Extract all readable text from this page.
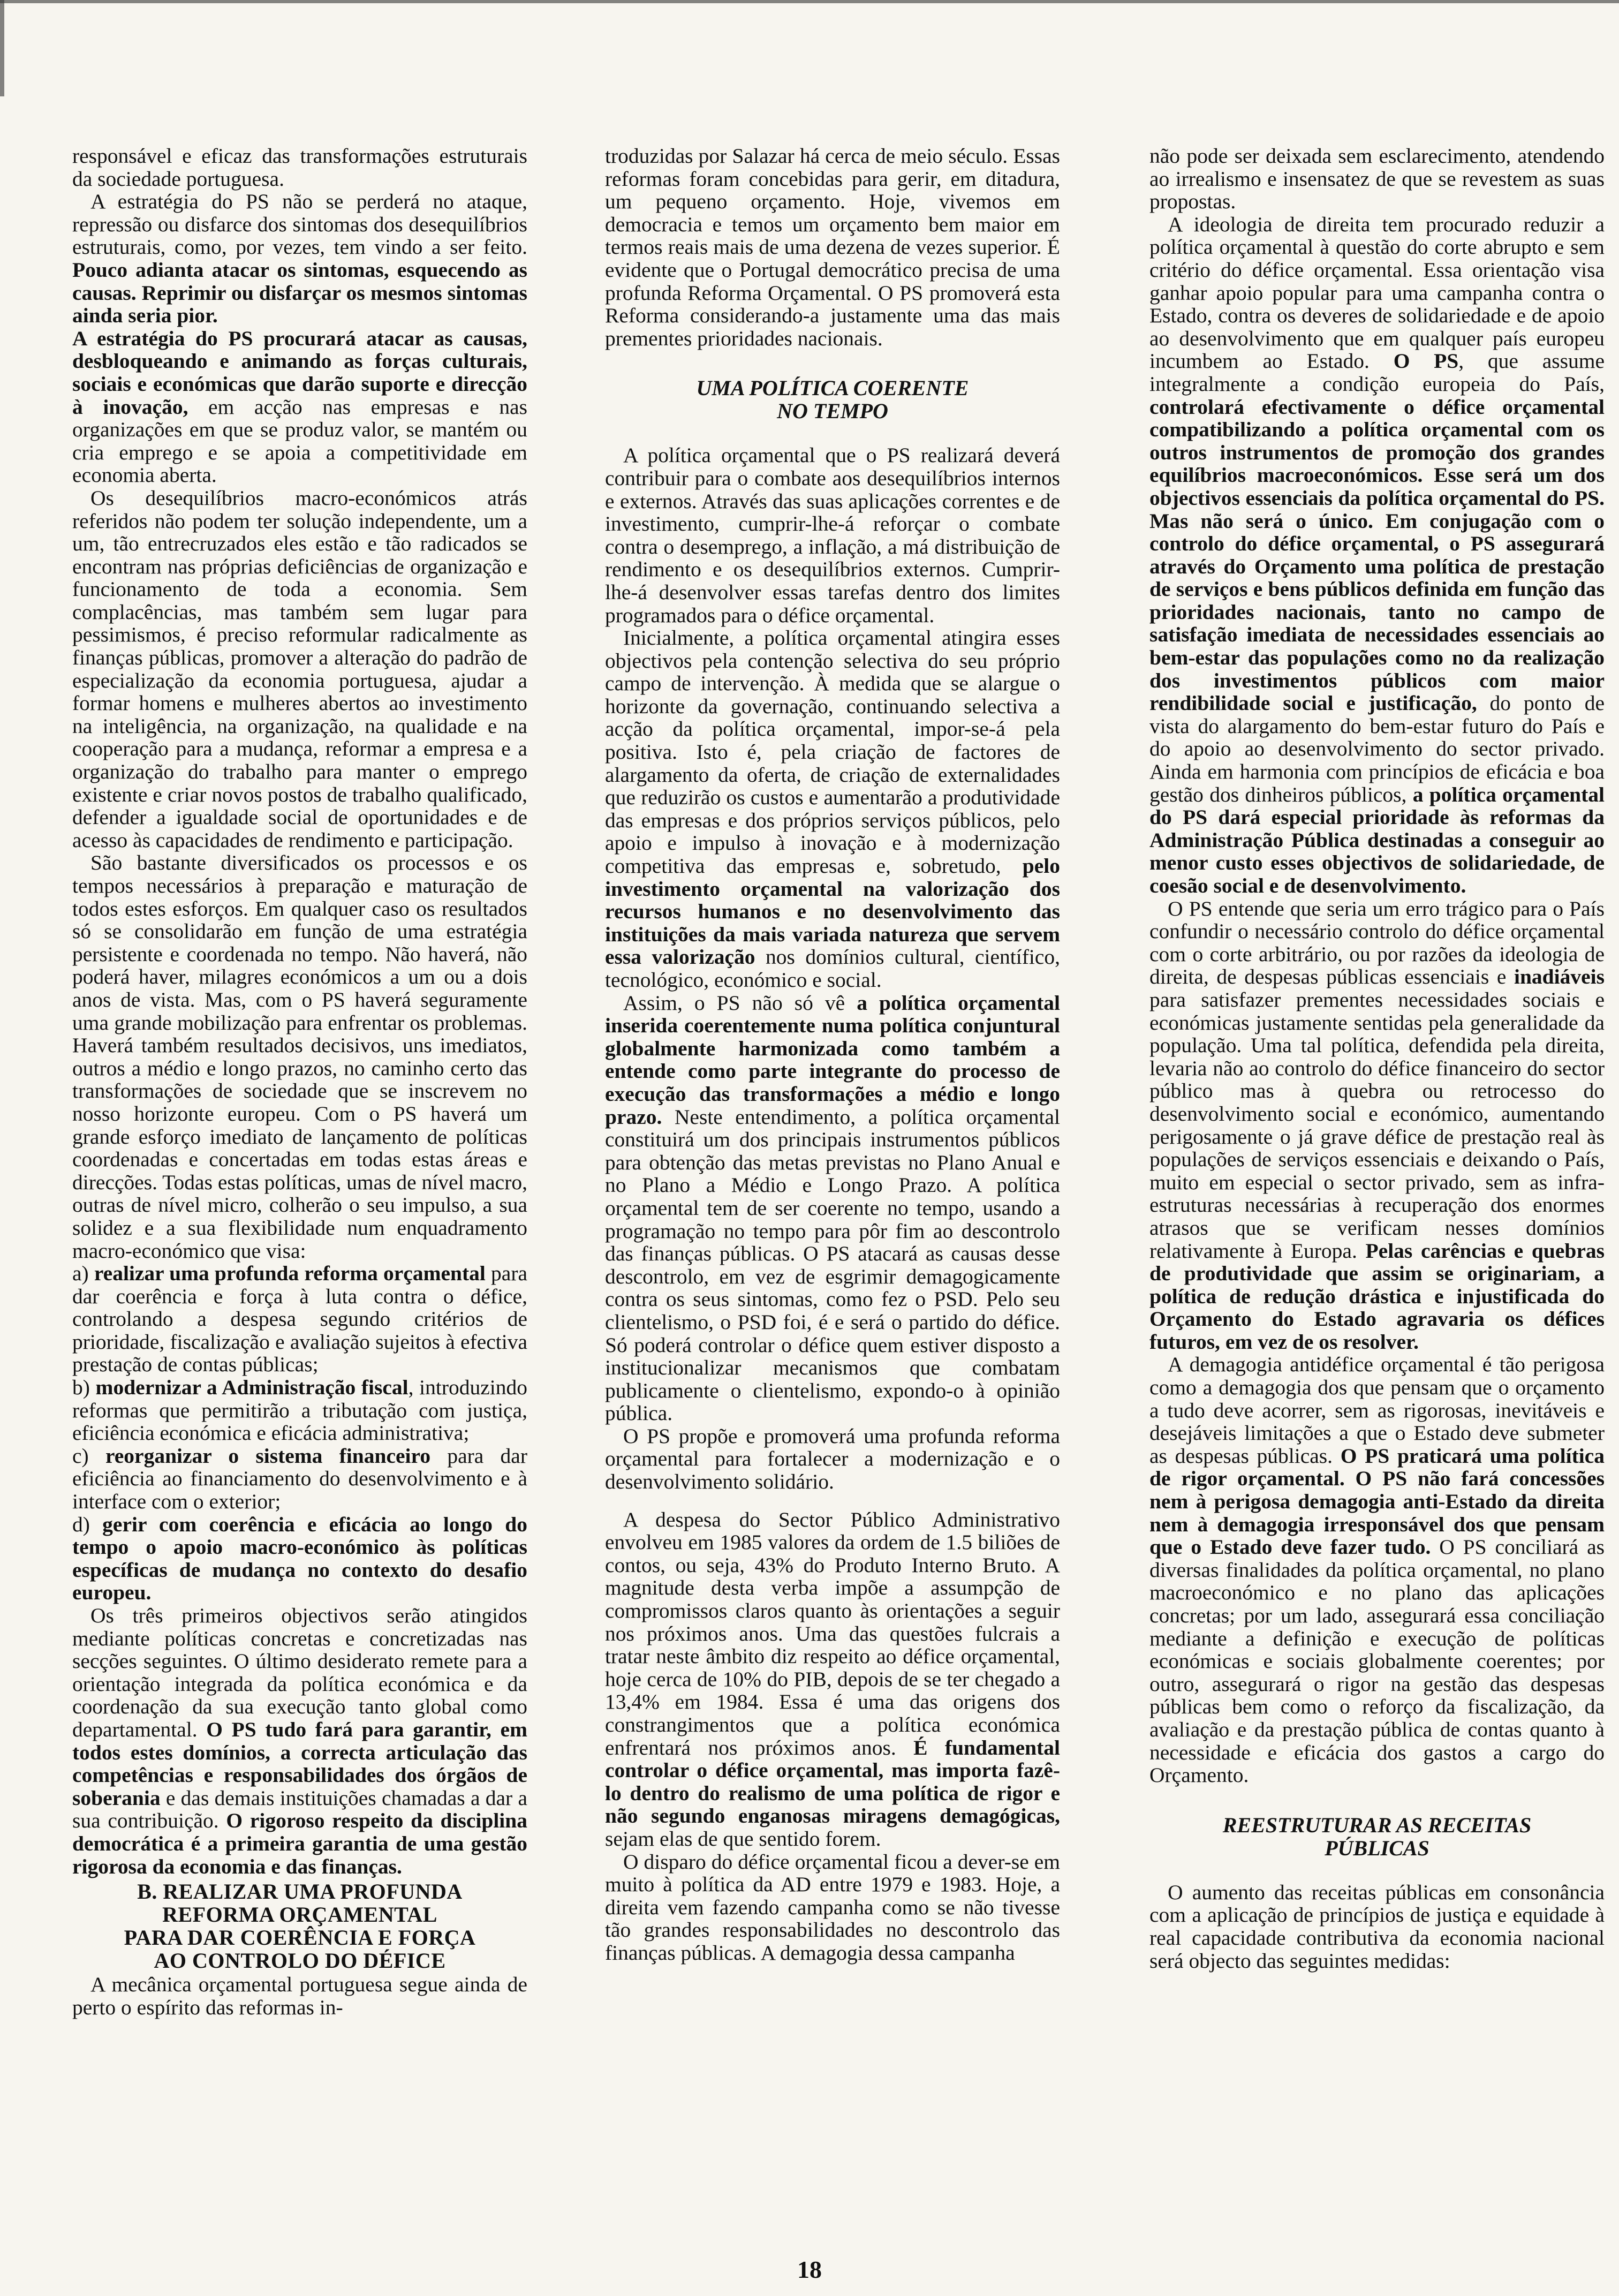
responsável e eficaz das transformações estruturais da sociedade portuguesa.

A estratégia do PS não se perderá no ataque, repressão ou disfarce dos sintomas dos desequilíbrios estruturais, como, por vezes, tem vindo a ser feito. Pouco adianta atacar os sintomas, esquecendo as causas. Reprimir ou disfarçar os mesmos sintomas ainda seria pior.

A estratégia do PS procurará atacar as causas, desbloqueando e animando as forças culturais, sociais e económicas que darão suporte e direcção à inovação, em acção nas empresas e nas organizações em que se produz valor, se mantém ou cria emprego e se apoia a competitividade em economia aberta.

Os desequilíbrios macro-económicos atrás referidos não podem ter solução independente, um a um, tão entrecruzados eles estão e tão radicados se encontram nas próprias deficiências de organização e funcionamento de toda a economia. Sem complacências, mas também sem lugar para pessimismos, é preciso reformular radicalmente as finanças públicas, promover a alteração do padrão de especialização da economia portuguesa, ajudar a formar homens e mulheres abertos ao investimento na inteligência, na organização, na qualidade e na cooperação para a mudança, reformar a empresa e a organização do trabalho para manter o emprego existente e criar novos postos de trabalho qualificado, defender a igualdade social de oportunidades e de acesso às capacidades de rendimento e participação.

São bastante diversificados os processos e os tempos necessários à preparação e maturação de todos estes esforços. Em qualquer caso os resultados só se consolidarão em função de uma estratégia persistente e coordenada no tempo. Não haverá, não poderá haver, milagres económicos a um ou a dois anos de vista. Mas, com o PS haverá seguramente uma grande mobilização para enfrentar os problemas. Haverá também resultados decisivos, uns imediatos, outros a médio e longo prazos, no caminho certo das transformações de sociedade que se inscrevem no nosso horizonte europeu. Com o PS haverá um grande esforço imediato de lançamento de políticas coordenadas e concertadas em todas estas áreas e direcções. Todas estas políticas, umas de nível macro, outras de nível micro, colherão o seu impulso, a sua solidez e a sua flexibilidade num enquadramento macro-económico que visa:

a) realizar uma profunda reforma orçamental para dar coerência e força à luta contra o défice, controlando a despesa segundo critérios de prioridade, fiscalização e avaliação sujeitos à efectiva prestação de contas públicas;

b) modernizar a Administração fiscal, introduzindo reformas que permitirão a tributação com justiça, eficiência económica e eficácia administrativa;

c) reorganizar o sistema financeiro para dar eficiência ao financiamento do desenvolvimento e à interface com o exterior;

d) gerir com coerência e eficácia ao longo do tempo o apoio macro-económico às políticas específicas de mudança no contexto do desafio europeu.

Os três primeiros objectivos serão atingidos mediante políticas concretas e concretizadas nas secções seguintes. O último desiderato remete para a orientação integrada da política económica e da coordenação da sua execução tanto global como departamental. O PS tudo fará para garantir, em todos estes domínios, a correcta articulação das competências e responsabilidades dos órgãos de soberania e das demais instituições chamadas a dar a sua contribuição. O rigoroso respeito da disciplina democrática é a primeira garantia de uma gestão rigorosa da economia e das finanças.

B. REALIZAR UMA PROFUNDA
REFORMA ORÇAMENTAL
PARA DAR COERÊNCIA E FORÇA
AO CONTROLO DO DÉFICE

A mecânica orçamental portuguesa segue ainda de perto o espírito das reformas in-

troduzidas por Salazar há cerca de meio século. Essas reformas foram concebidas para gerir, em ditadura, um pequeno orçamento. Hoje, vivemos em democracia e temos um orçamento bem maior em termos reais mais de uma dezena de vezes superior. É evidente que o Portugal democrático precisa de uma profunda Reforma Orçamental. O PS promoverá esta Reforma considerando-a justamente uma das mais prementes prioridades nacionais.

UMA POLÍTICA COERENTE
NO TEMPO

A política orçamental que o PS realizará deverá contribuir para o combate aos desequilíbrios internos e externos. Através das suas aplicações correntes e de investimento, cumprir-lhe-á reforçar o combate contra o desemprego, a inflação, a má distribuição de rendimento e os desequilíbrios externos. Cumprir-lhe-á desenvolver essas tarefas dentro dos limites programados para o défice orçamental.

Inicialmente, a política orçamental atingira esses objectivos pela contenção selectiva do seu próprio campo de intervenção. À medida que se alargue o horizonte da governação, continuando selectiva a acção da política orçamental, impor-se-á pela positiva. Isto é, pela criação de factores de alargamento da oferta, de criação de externalidades que reduzirão os custos e aumentarão a produtividade das empresas e dos próprios serviços públicos, pelo apoio e impulso à inovação e à modernização competitiva das empresas e, sobretudo, pelo investimento orçamental na valorização dos recursos humanos e no desenvolvimento das instituições da mais variada natureza que servem essa valorização nos domínios cultural, científico, tecnológico, económico e social.

Assim, o PS não só vê a política orçamental inserida coerentemente numa política conjuntural globalmente harmonizada como também a entende como parte integrante do processo de execução das transformações a médio e longo prazo. Neste entendimento, a política orçamental constituirá um dos principais instrumentos públicos para obtenção das metas previstas no Plano Anual e no Plano a Médio e Longo Prazo. A política orçamental tem de ser coerente no tempo, usando a programação no tempo para pôr fim ao descontrolo das finanças públicas. O PS atacará as causas desse descontrolo, em vez de esgrimir demagogicamente contra os seus sintomas, como fez o PSD. Pelo seu clientelismo, o PSD foi, é e será o partido do défice. Só poderá controlar o défice quem estiver disposto a institucionalizar mecanismos que combatam publicamente o clientelismo, expondo-o à opinião pública.

O PS propõe e promoverá uma profunda reforma orçamental para fortalecer a modernização e o desenvolvimento solidário.

A despesa do Sector Público Administrativo envolveu em 1985 valores da ordem de 1.5 biliões de contos, ou seja, 43% do Produto Interno Bruto. A magnitude desta verba impõe a assumpção de compromissos claros quanto às orientações a seguir nos próximos anos. Uma das questões fulcrais a tratar neste âmbito diz respeito ao défice orçamental, hoje cerca de 10% do PIB, depois de se ter chegado a 13,4% em 1984. Essa é uma das origens dos constrangimentos que a política económica enfrentará nos próximos anos. É fundamental controlar o défice orçamental, mas importa fazê-lo dentro do realismo de uma política de rigor e não segundo enganosas miragens demagógicas, sejam elas de que sentido forem.

O disparo do défice orçamental ficou a dever-se em muito à política da AD entre 1979 e 1983. Hoje, a direita vem fazendo campanha como se não tivesse tão grandes responsabilidades no descontrolo das finanças públicas. A demagogia dessa campanha

não pode ser deixada sem esclarecimento, atendendo ao irrealismo e insensatez de que se revestem as suas propostas.

A ideologia de direita tem procurado reduzir a política orçamental à questão do corte abrupto e sem critério do défice orçamental. Essa orientação visa ganhar apoio popular para uma campanha contra o Estado, contra os deveres de solidariedade e de apoio ao desenvolvimento que em qualquer país europeu incumbem ao Estado. O PS, que assume integralmente a condição europeia do País, controlará efectivamente o défice orçamental compatibilizando a política orçamental com os outros instrumentos de promoção dos grandes equilíbrios macroeconómicos. Esse será um dos objectivos essenciais da política orçamental do PS. Mas não será o único. Em conjugação com o controlo do défice orçamental, o PS assegurará através do Orçamento uma política de prestação de serviços e bens públicos definida em função das prioridades nacionais, tanto no campo de satisfação imediata de necessidades essenciais ao bem-estar das populações como no da realização dos investimentos públicos com maior rendibilidade social e justificação, do ponto de vista do alargamento do bem-estar futuro do País e do apoio ao desenvolvimento do sector privado. Ainda em harmonia com princípios de eficácia e boa gestão dos dinheiros públicos, a política orçamental do PS dará especial prioridade às reformas da Administração Pública destinadas a conseguir ao menor custo esses objectivos de solidariedade, de coesão social e de desenvolvimento.

O PS entende que seria um erro trágico para o País confundir o necessário controlo do défice orçamental com o corte arbitrário, ou por razões da ideologia de direita, de despesas públicas essenciais e inadiáveis para satisfazer prementes necessidades sociais e económicas justamente sentidas pela generalidade da população. Uma tal política, defendida pela direita, levaria não ao controlo do défice financeiro do sector público mas à quebra ou retrocesso do desenvolvimento social e económico, aumentando perigosamente o já grave défice de prestação real às populações de serviços essenciais e deixando o País, muito em especial o sector privado, sem as infra-estruturas necessárias à recuperação dos enormes atrasos que se verificam nesses domínios relativamente à Europa. Pelas carências e quebras de produtividade que assim se originariam, a política de redução drástica e injustificada do Orçamento do Estado agravaria os défices futuros, em vez de os resolver.

A demagogia antidéfice orçamental é tão perigosa como a demagogia dos que pensam que o orçamento a tudo deve acorrer, sem as rigorosas, inevitáveis e desejáveis limitações a que o Estado deve submeter as despesas públicas. O PS praticará uma política de rigor orçamental. O PS não fará concessões nem à perigosa demagogia anti-Estado da direita nem à demagogia irresponsável dos que pensam que o Estado deve fazer tudo. O PS conciliará as diversas finalidades da política orçamental, no plano macroeconómico e no plano das aplicações concretas; por um lado, assegurará essa conciliação mediante a definição e execução de políticas económicas e sociais globalmente coerentes; por outro, assegurará o rigor na gestão das despesas públicas bem como o reforço da fiscalização, da avaliação e da prestação pública de contas quanto à necessidade e eficácia dos gastos a cargo do Orçamento.

REESTRUTURAR AS RECEITAS
PÚBLICAS

O aumento das receitas públicas em consonância com a aplicação de princípios de justiça e equidade à real capacidade contributiva da economia nacional será objecto das seguintes medidas:

18
